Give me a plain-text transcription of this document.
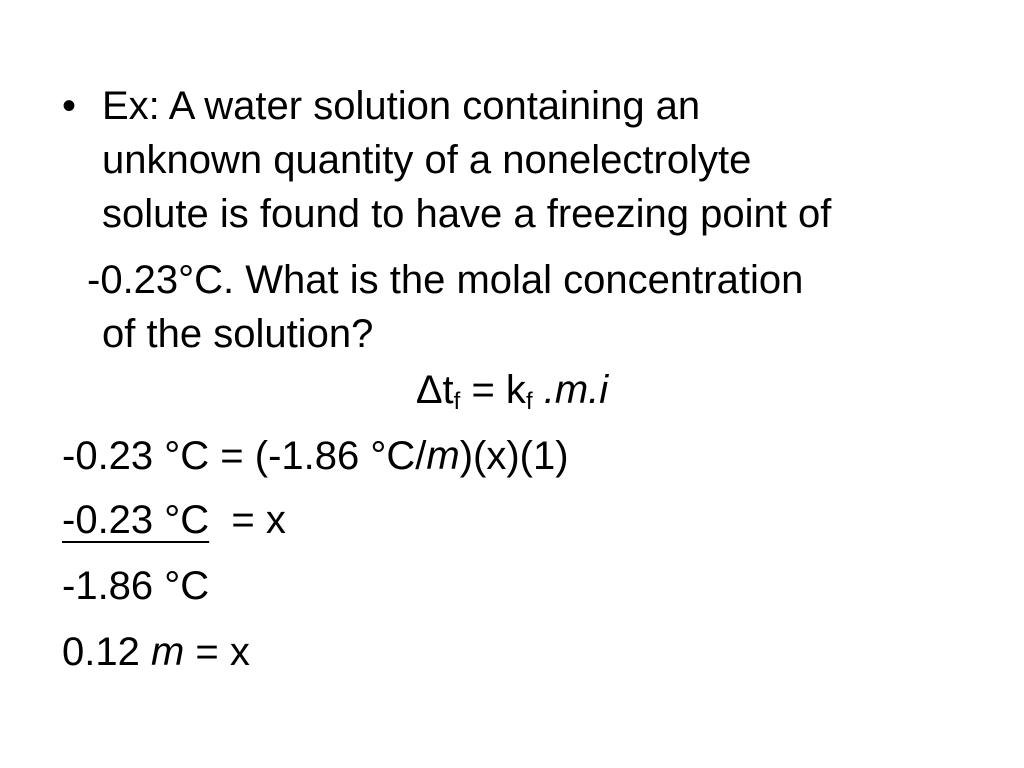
• Ex: A water solution containing an
unknown quantity of a nonelectrolyte
solute is found to have a freezing point of
-0.23°C. What is the molal concentration
of the solution?
$\Delta t_f = k_f$ .m.i
-0.23 °C = (-1.86 °C/m)(x)(1)
-0.23 °C  = x
-1.86 °C
0.12 m = x
